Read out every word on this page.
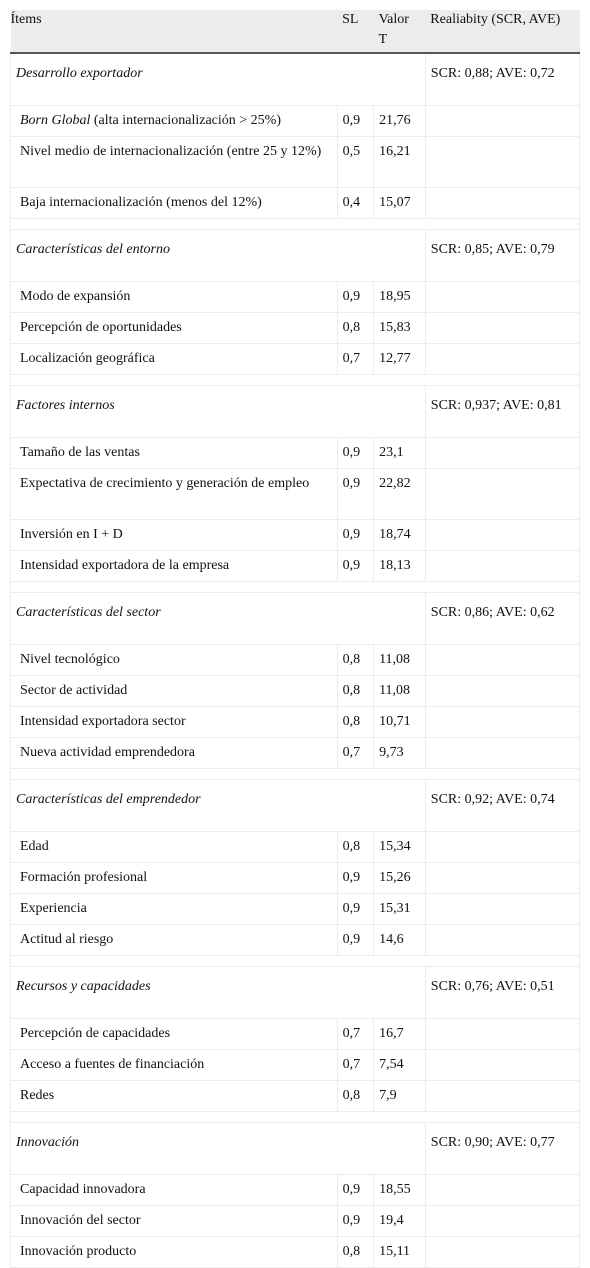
Ítems	SL	Valor T	Realiabity (SCR, AVE)
Desarrollo exportador			SCR: 0,88; AVE: 0,72
Born Global (alta internacionalización > 25%)	0,9	21,76	
Nivel medio de internacionalización (entre 25 y 12%)	0,5	16,21	
Baja internacionalización (menos del 12%)	0,4	15,07	

Características del entorno			SCR: 0,85; AVE: 0,79
Modo de expansión	0,9	18,95	
Percepción de oportunidades	0,8	15,83	
Localización geográfica	0,7	12,77	

Factores internos			SCR: 0,937; AVE: 0,81
Tamaño de las ventas	0,9	23,1	
Expectativa de crecimiento y generación de empleo	0,9	22,82	
Inversión en I + D	0,9	18,74	
Intensidad exportadora de la empresa	0,9	18,13	

Características del sector			SCR: 0,86; AVE: 0,62
Nivel tecnológico	0,8	11,08	
Sector de actividad	0,8	11,08	
Intensidad exportadora sector	0,8	10,71	
Nueva actividad emprendedora	0,7	9,73	

Características del emprendedor			SCR: 0,92; AVE: 0,74
Edad	0,8	15,34	
Formación profesional	0,9	15,26	
Experiencia	0,9	15,31	
Actitud al riesgo	0,9	14,6	

Recursos y capacidades			SCR: 0,76; AVE: 0,51
Percepción de capacidades	0,7	16,7	
Acceso a fuentes de financiación	0,7	7,54	
Redes	0,8	7,9	

Innovación			SCR: 0,90; AVE: 0,77
Capacidad innovadora	0,9	18,55	
Innovación del sector	0,9	19,4	
Innovación producto	0,8	15,11	
